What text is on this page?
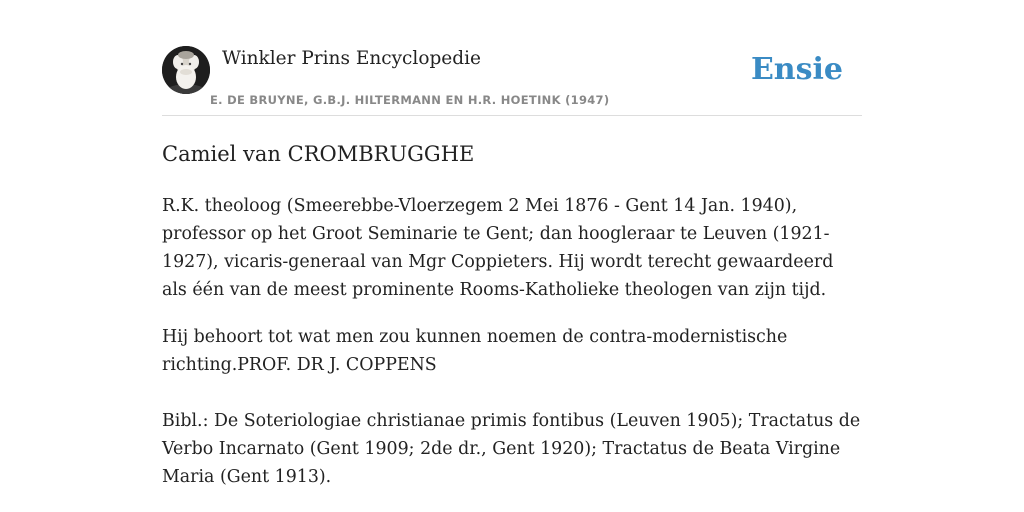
Winkler Prins Encyclopedie
E. DE BRUYNE, G.B.J. HILTERMANN EN H.R. HOETINK (1947)
Ensie
Camiel van CROMBRUGGHE

R.K. theoloog (Smeerebbe-Vloerzegem 2 Mei 1876 - Gent 14 Jan. 1940), professor op het Groot Seminarie te Gent; dan hoogleraar te Leuven (1921-1927), vicaris-generaal van Mgr Coppieters. Hij wordt terecht gewaardeerd als één van de meest prominente Rooms-Katholieke theologen van zijn tijd.

Hij behoort tot wat men zou kunnen noemen de contra-modernistische richting.PROF. DR J. COPPENS

Bibl.: De Soteriologiae christianae primis fontibus (Leuven 1905); Tractatus de Verbo Incarnato (Gent 1909; 2de dr., Gent 1920); Tractatus de Beata Virgine Maria (Gent 1913).
